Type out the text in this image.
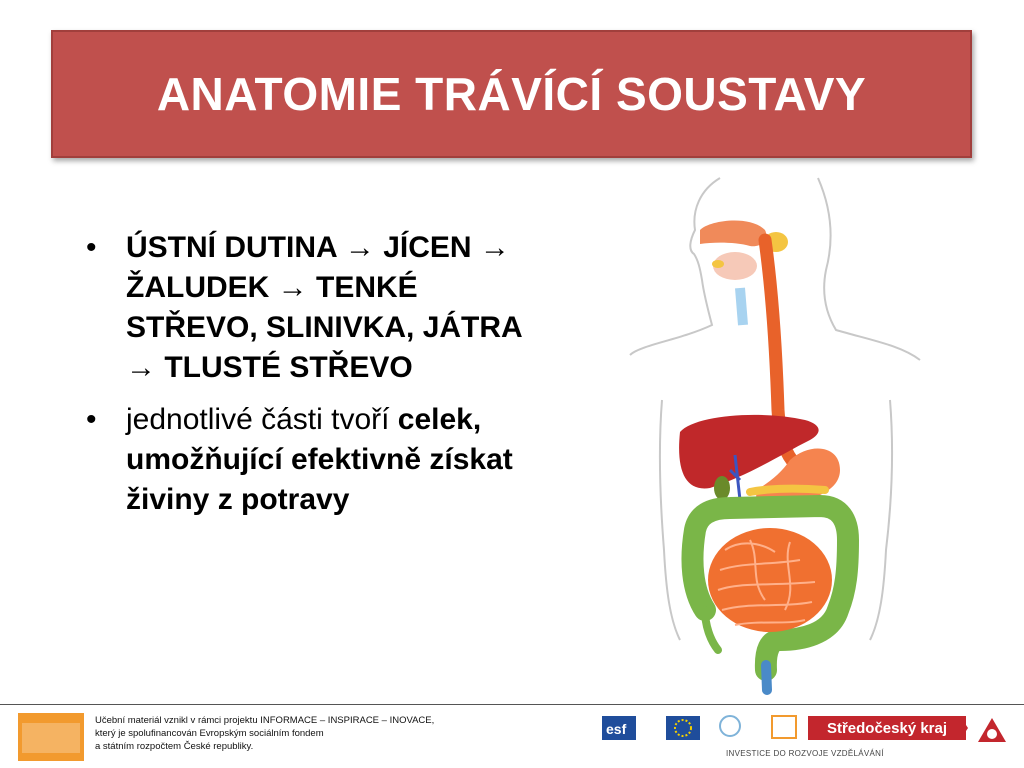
ANATOMIE TRÁVÍCÍ SOUSTAVY
• ÚSTNÍ DUTINA → JÍCEN → ŽALUDEK → TENKÉ STŘEVO, SLINIVKA, JÁTRA → TLUSTÉ STŘEVO
• jednotlivé části tvoří celek, umožňující efektivně získat živiny z potravy
Učební materiál vznikl v rámci projektu INFORMACE – INSPIRACE – INOVACE,
který je spolufinancován Evropským sociálním fondem
a státním rozpočtem České republiky.
esf	Středočeský kraj
INVESTICE DO ROZVOJE VZDĚLÁVÁNÍ
